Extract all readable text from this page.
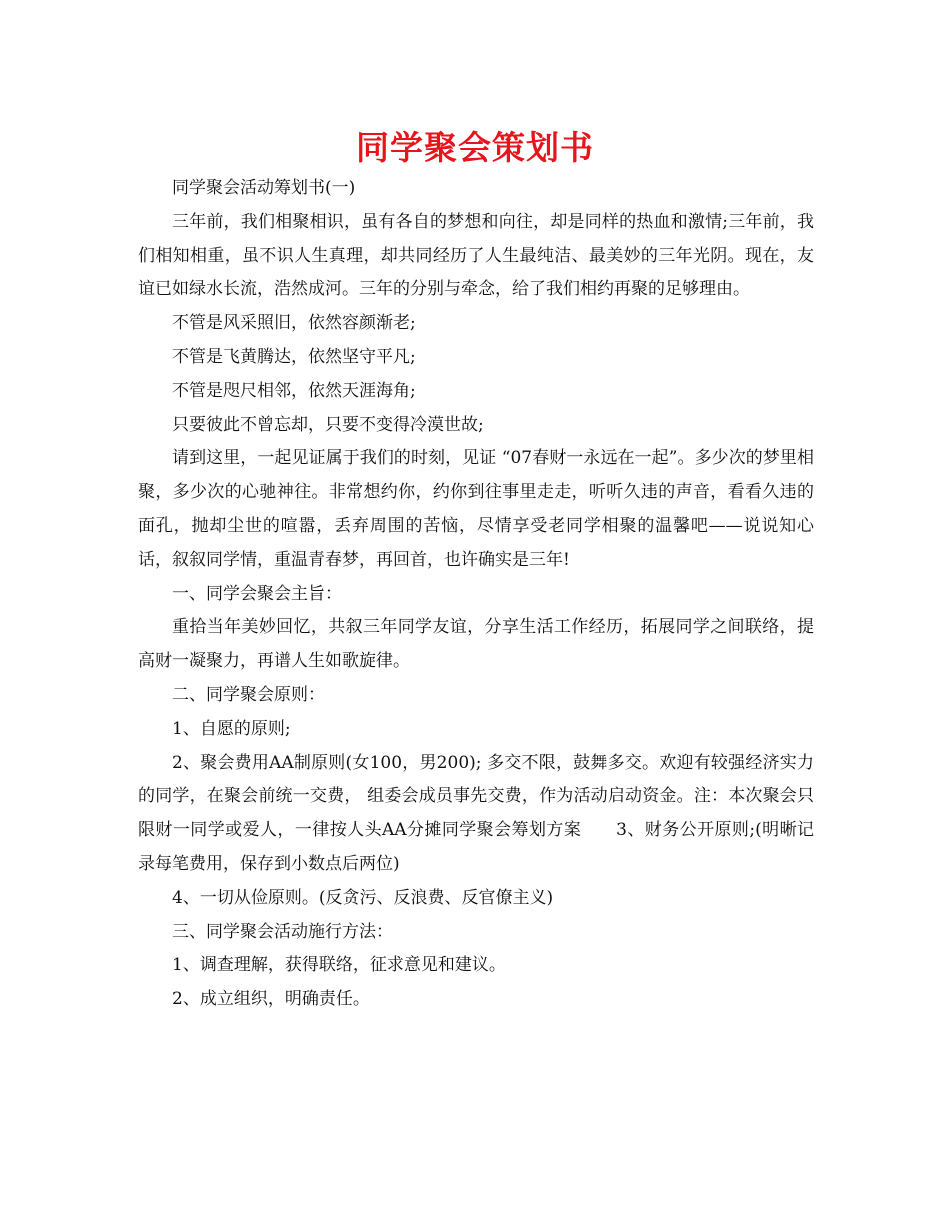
同学聚会策划书

同学聚会活动筹划书(一)

三年前，我们相聚相识，虽有各自的梦想和向往，却是同样的热血和激情;三年前，我们相知相重，虽不识人生真理，却共同经历了人生最纯洁、最美妙的三年光阴。现在，友谊已如绿水长流，浩然成河。三年的分别与牵念，给了我们相约再聚的足够理由。

不管是风采照旧，依然容颜渐老;

不管是飞黄腾达，依然坚守平凡;

不管是咫尺相邻，依然天涯海角;

只要彼此不曾忘却，只要不变得冷漠世故;

请到这里，一起见证属于我们的时刻，见证 “07春财一永远在一起”。多少次的梦里相聚，多少次的心驰神往。非常想约你，约你到往事里走走，听听久违的声音，看看久违的面孔，抛却尘世的喧嚣，丢弃周围的苦恼，尽情享受老同学相聚的温馨吧——说说知心话，叙叙同学情，重温青春梦，再回首，也许确实是三年!

一、同学会聚会主旨：

重拾当年美妙回忆，共叙三年同学友谊，分享生活工作经历，拓展同学之间联络，提高财一凝聚力，再谱人生如歌旋律。

二、同学聚会原则：

1、自愿的原则;

2、聚会费用AA制原则(女100，男200); 多交不限，鼓舞多交。欢迎有较强经济实力的同学，在聚会前统一交费， 组委会成员事先交费，作为活动启动资金。注：本次聚会只限财一同学或爱人，一律按人头AA分摊同学聚会筹划方案　　3、财务公开原则;(明晰记录每笔费用，保存到小数点后两位)

4、一切从俭原则。(反贪污、反浪费、反官僚主义)

三、同学聚会活动施行方法：

1、调查理解，获得联络，征求意见和建议。

2、成立组织，明确责任。
